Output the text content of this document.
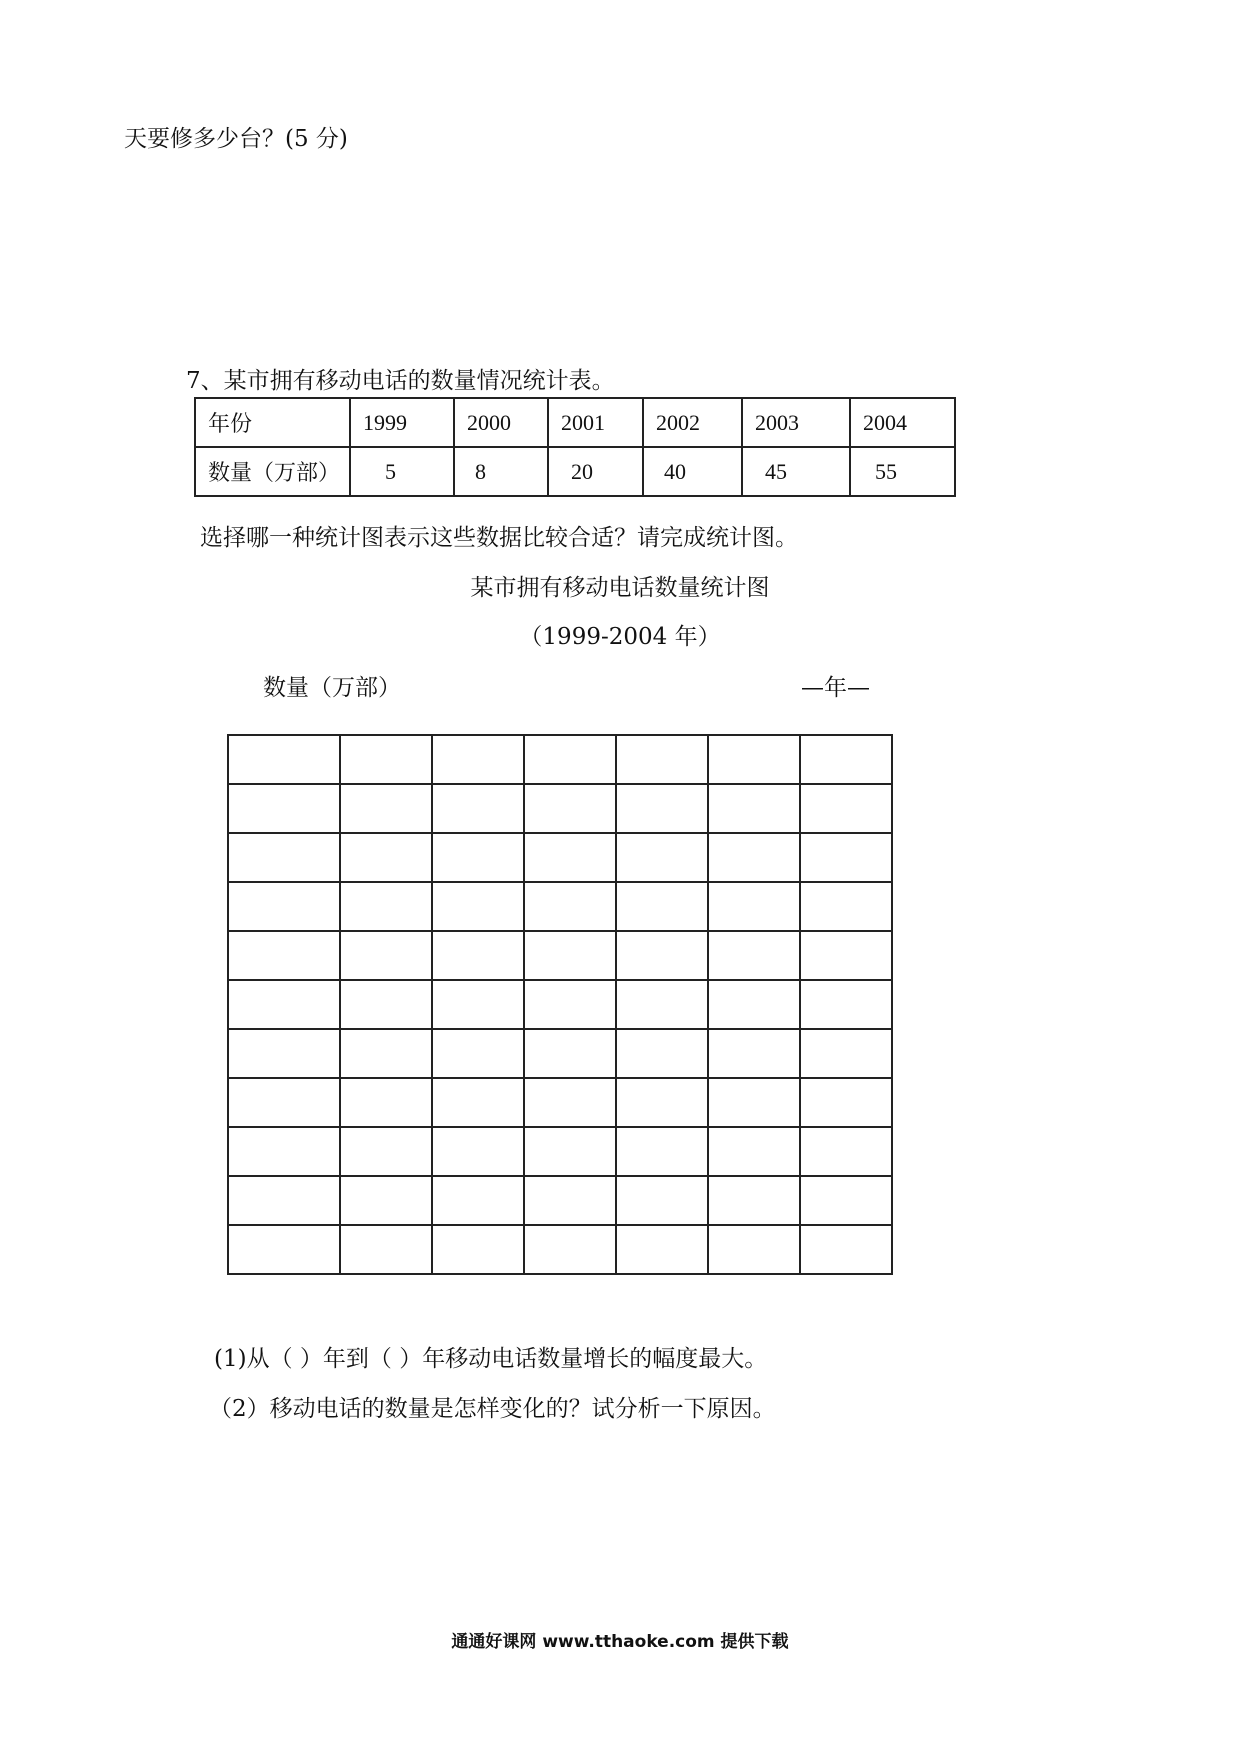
天要修多少台？(5 分)
7、某市拥有移动电话的数量情况统计表。
年份	1999	2000	2001	2002	2003	2004
数量（万部）	5	8	20	40	45	55
选择哪一种统计图表示这些数据比较合适？请完成统计图。
某市拥有移动电话数量统计图
（1999-2004 年）
数量（万部）	—年—

(1)从（ ）年到（ ）年移动电话数量增长的幅度最大。
（2）移动电话的数量是怎样变化的？试分析一下原因。
通通好课网 www.tthaoke.com 提供下载
